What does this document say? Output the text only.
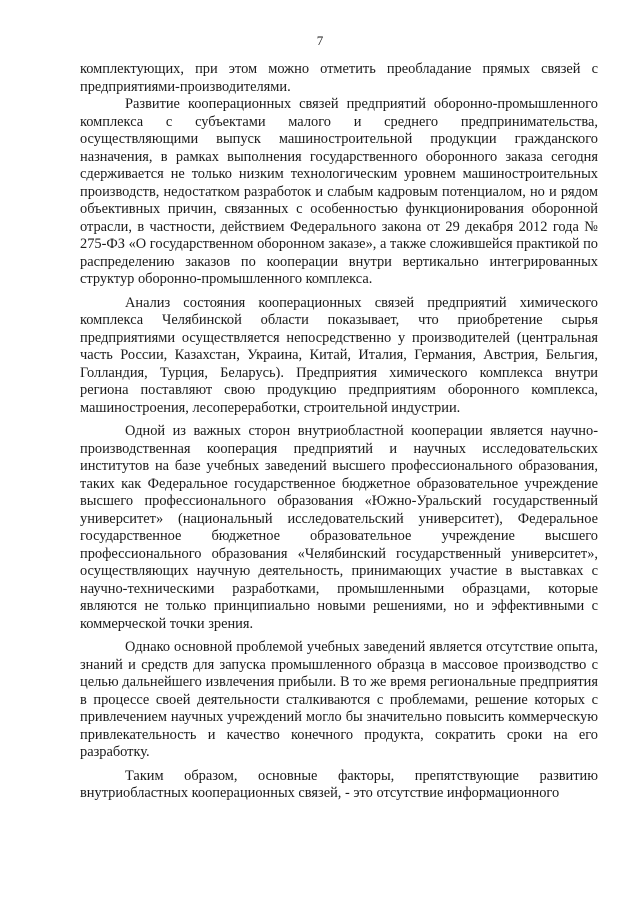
7

комплектующих, при этом можно отметить преобладание прямых связей с предприятиями-производителями.

Развитие кооперационных связей предприятий оборонно-промышленного комплекса с субъектами малого и среднего предпринимательства, осуществляющими выпуск машиностроительной продукции гражданского назначения, в рамках выполнения государственного оборонного заказа сегодня сдерживается не только низким технологическим уровнем машиностроительных производств, недостатком разработок и слабым кадровым потенциалом, но и рядом объективных причин, связанных с особенностью функционирования оборонной отрасли, в частности, действием Федерального закона от 29 декабря 2012 года № 275-ФЗ «О государственном оборонном заказе», а также сложившейся практикой по распределению заказов по кооперации внутри вертикально интегрированных структур оборонно-промышленного комплекса.

Анализ состояния кооперационных связей предприятий химического комплекса Челябинской области показывает, что приобретение сырья предприятиями осуществляется непосредственно у производителей (центральная часть России, Казахстан, Украина, Китай, Италия, Германия, Австрия, Бельгия, Голландия, Турция, Беларусь). Предприятия химического комплекса внутри региона поставляют свою продукцию предприятиям оборонного комплекса, машиностроения, лесопереработки, строительной индустрии.

Одной из важных сторон внутриобластной кооперации является научно-производственная кооперация предприятий и научных исследовательских институтов на базе учебных заведений высшего профессионального образования, таких как Федеральное государственное бюджетное образовательное учреждение высшего профессионального образования «Южно-Уральский государственный университет» (национальный исследовательский университет), Федеральное государственное бюджетное образовательное учреждение высшего профессионального образования «Челябинский государственный университет», осуществляющих научную деятельность, принимающих участие в выставках с научно-техническими разработками, промышленными образцами, которые являются не только принципиально новыми решениями, но и эффективными с коммерческой точки зрения.

Однако основной проблемой учебных заведений является отсутствие опыта, знаний и средств для запуска промышленного образца в массовое производство с целью дальнейшего извлечения прибыли. В то же время региональные предприятия в процессе своей деятельности сталкиваются с проблемами, решение которых с привлечением научных учреждений могло бы значительно повысить коммерческую привлекательность и качество конечного продукта, сократить сроки на его разработку.

Таким образом, основные факторы, препятствующие развитию внутриобластных кооперационных связей, - это отсутствие информационного
